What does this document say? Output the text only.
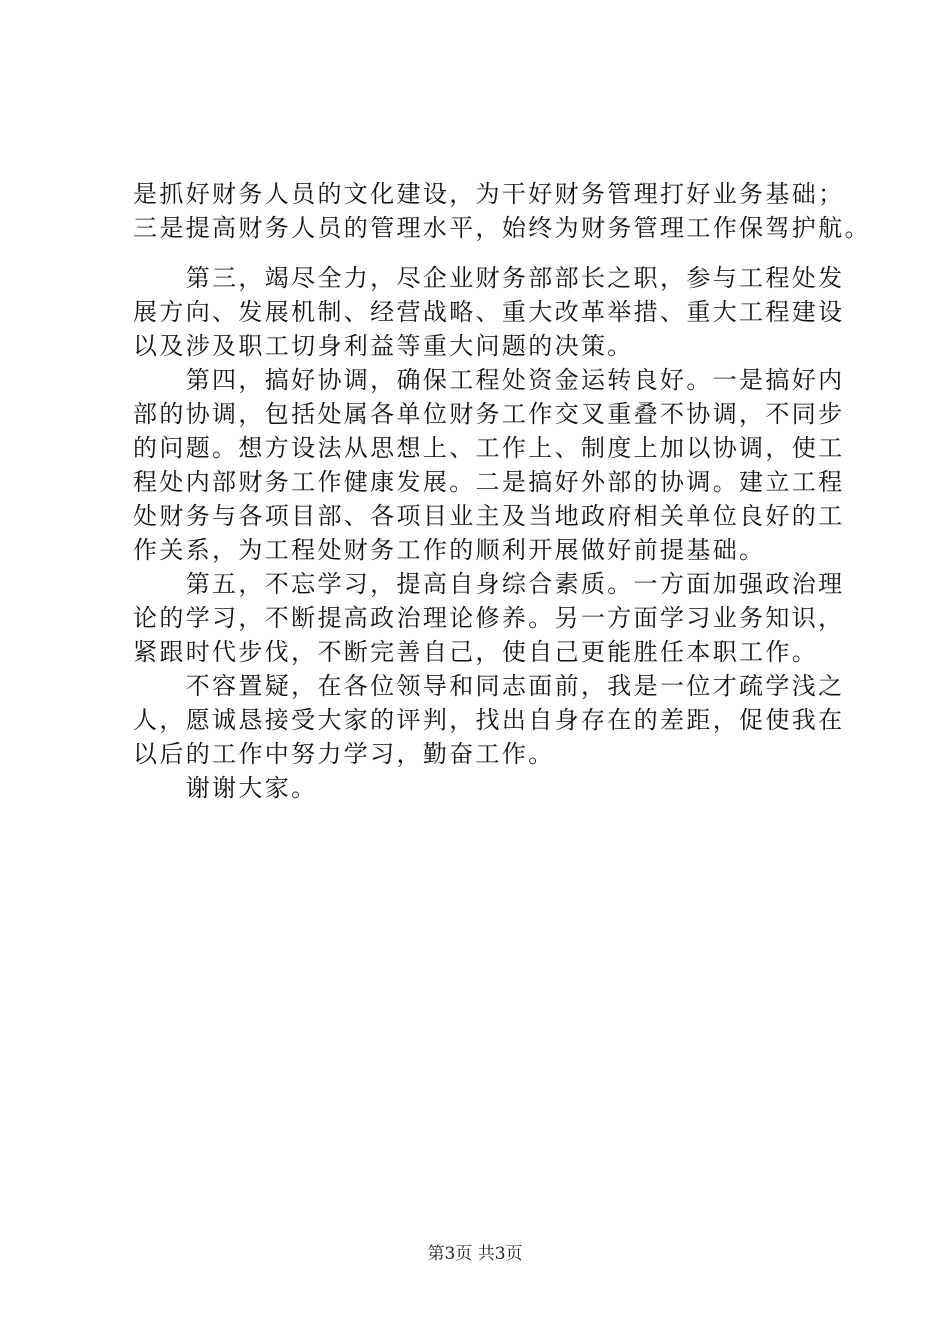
是抓好财务人员的文化建设，为干好财务管理打好业务基础；
三是提高财务人员的管理水平，始终为财务管理工作保驾护航。
　　第三，竭尽全力，尽企业财务部部长之职，参与工程处发
展方向、发展机制、经营战略、重大改革举措、重大工程建设
以及涉及职工切身利益等重大问题的决策。
　　第四，搞好协调，确保工程处资金运转良好。一是搞好内
部的协调，包括处属各单位财务工作交叉重叠不协调，不同步
的问题。想方设法从思想上、工作上、制度上加以协调，使工
程处内部财务工作健康发展。二是搞好外部的协调。建立工程
处财务与各项目部、各项目业主及当地政府相关单位良好的工
作关系，为工程处财务工作的顺利开展做好前提基础。
　　第五，不忘学习，提高自身综合素质。一方面加强政治理
论的学习，不断提高政治理论修养。另一方面学习业务知识，
紧跟时代步伐，不断完善自己，使自己更能胜任本职工作。
　　不容置疑，在各位领导和同志面前，我是一位才疏学浅之
人，愿诚恳接受大家的评判，找出自身存在的差距，促使我在
以后的工作中努力学习，勤奋工作。
　　谢谢大家。
第3页 共3页
